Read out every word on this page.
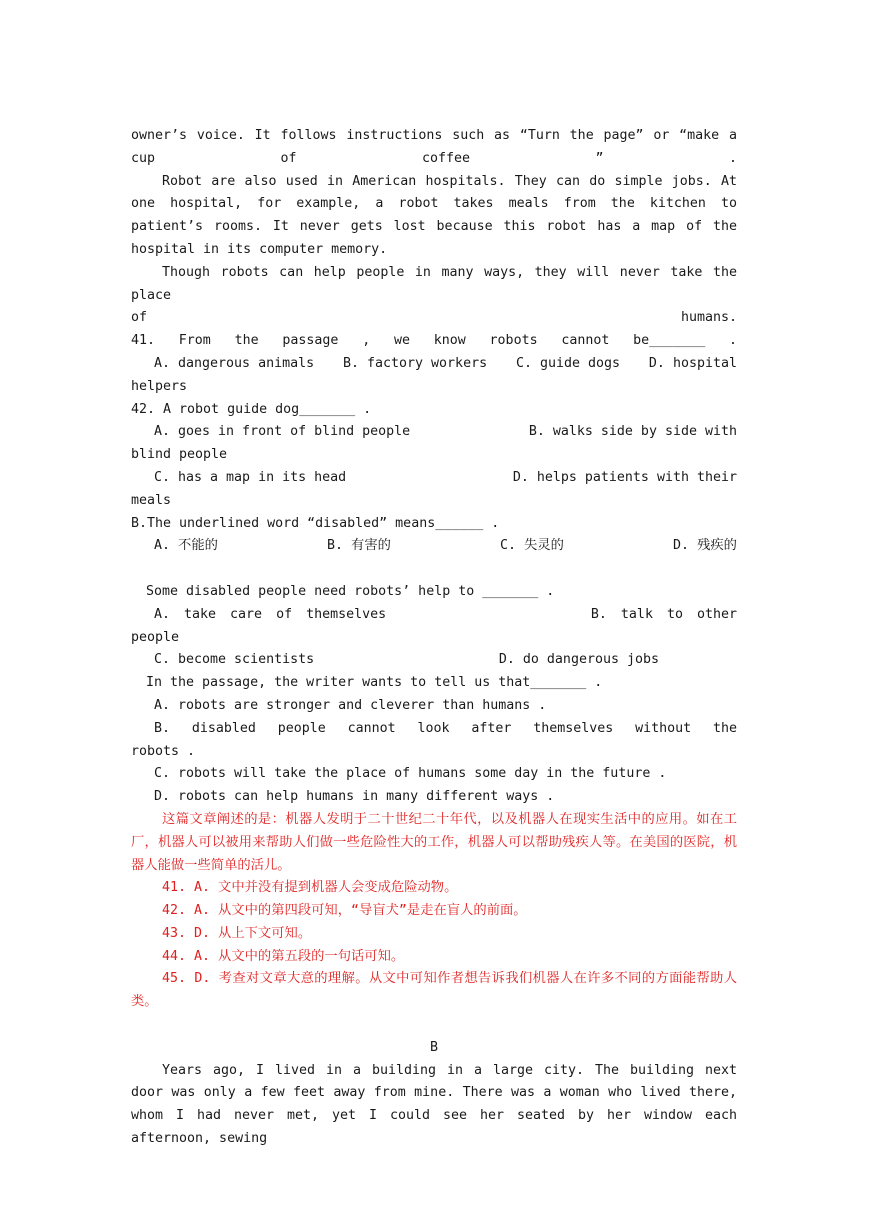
owner’s voice. It follows instructions such as “Turn the page” or “make a

cup of coffee ” .

Robot are also used in American hospitals. They can do simple jobs. At one hospital, for example, a robot takes meals from the kitchen to patient’s rooms. It never gets lost because this robot has a map of the hospital in its computer memory.

Though robots can help people in many ways, they will never take the place

of humans.

41. From the passage , we know robots cannot be_______ .

A. dangerous animals B. factory workers C. guide dogs D. hospital

helpers

42. A robot guide dog_______ .

A. goes in front of blind people	B. walks side by side with

blind people

C. has a map in its head	D. helps patients with their

meals

B.The underlined word “disabled” means______ .

A. 不能的	B. 有害的	C. 失灵的	D. 残疾的

Some disabled people need robots’ help to _______ .

A. take care of themselves	B. talk to other

people

C. become scientists	D. do dangerous jobs

In the passage, the writer wants to tell us that_______ .

A. robots are stronger and cleverer than humans .

B. disabled people cannot look after themselves without the

robots .

C. robots will take the place of humans some day in the future .

D. robots can help humans in many different ways .

这篇文章阐述的是：机器人发明于二十世纪二十年代，以及机器人在现实生活中的应用。如在工厂，机器人可以被用来帮助人们做一些危险性大的工作，机器人可以帮助残疾人等。在美国的医院，机器人能做一些简单的活儿。

41. A. 文中并没有提到机器人会变成危险动物。

42. A. 从文中的第四段可知，“导盲犬”是走在盲人的前面。

43. D. 从上下文可知。

44. A. 从文中的第五段的一句话可知。

45. D. 考查对文章大意的理解。从文中可知作者想告诉我们机器人在许多不同的方面能帮助人类。

B

Years ago, I lived in a building in a large city. The building next door was only a few feet away from mine. There was a woman who lived there, whom I had never met, yet I could see her seated by her window each afternoon, sewing
